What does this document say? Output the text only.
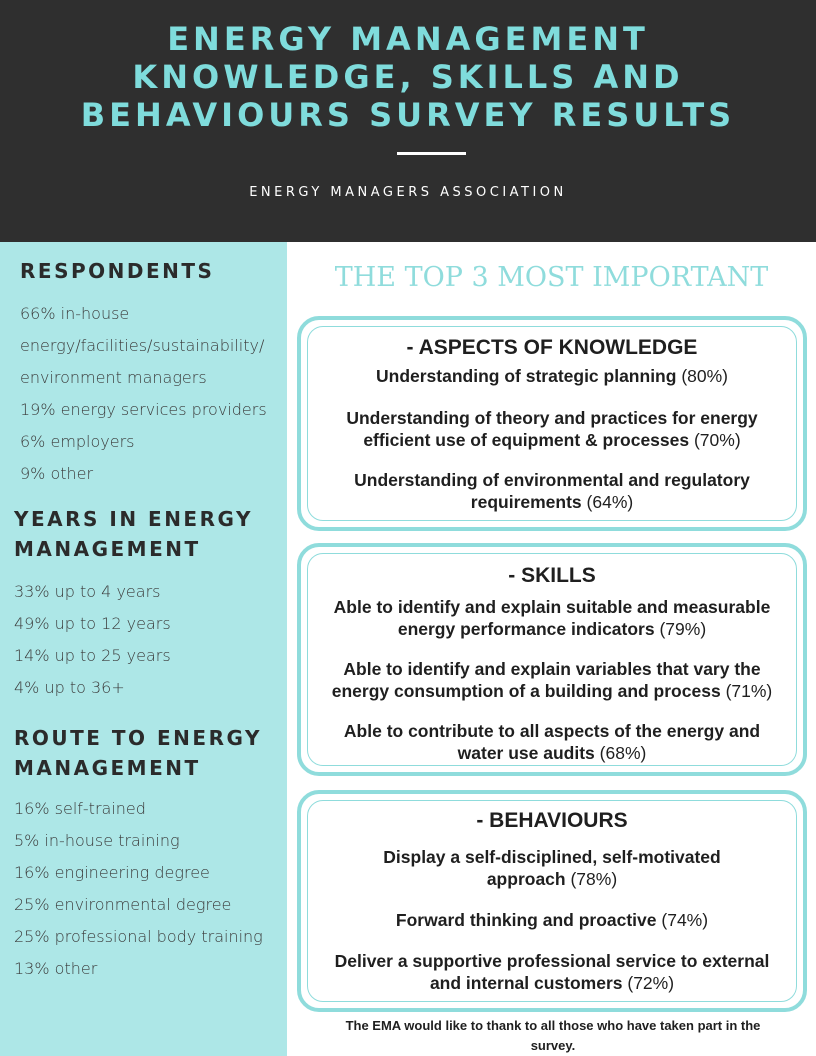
ENERGY MANAGEMENT
KNOWLEDGE, SKILLS AND
BEHAVIOURS SURVEY RESULTS
ENERGY MANAGERS ASSOCIATION
RESPONDENTS
66% in-house
energy/facilities/sustainability/
environment managers
19% energy services providers
6% employers
9% other
YEARS IN ENERGY
MANAGEMENT
33% up to 4 years
49% up to 12 years
14% up to 25 years
4% up to 36+
ROUTE TO ENERGY
MANAGEMENT
16% self-trained
5% in-house training
16% engineering degree
25% environmental degree
25% professional body training
13% other
THE TOP 3 MOST IMPORTANT
- ASPECTS OF KNOWLEDGE
Understanding of strategic planning (80%)
Understanding of theory and practices for energy
efficient use of equipment & processes (70%)
Understanding of environmental and regulatory
requirements (64%)
- SKILLS
Able to identify and explain suitable and measurable
energy performance indicators (79%)
Able to identify and explain variables that vary the
energy consumption of a building and process (71%)
Able to contribute to all aspects of the energy and
water use audits (68%)
- BEHAVIOURS
Display a self-disciplined, self-motivated
approach (78%)
Forward thinking and proactive (74%)
Deliver a supportive professional service to external
and internal customers (72%)
The EMA would like to thank to all those who have taken part in the
survey.
